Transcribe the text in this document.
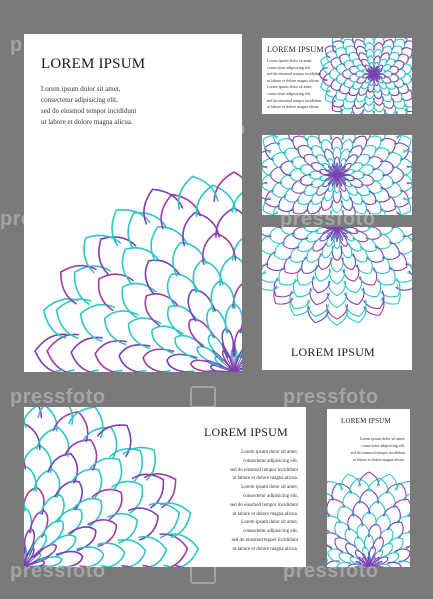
LOREM IPSUM
Lorem ipsum dolor sit amet,
consectetur adipisicing elit,
sed do eiusmod tempor incididunt
ut labore et dolore magna alicua.
LOREM IPSUM
Lorem ipsum dolor sit amet,
consectetur adipisicing elit,
sed do eiusmod tempor incididunt
ut labore et dolore magna alicua.
Lorem ipsum dolor sit amet,
consectetur adipisicing elit,
sed do eiusmod tempor incididunt
ut labore et dolore magna alicua.
LOREM IPSUM
LOREM IPSUM
Lorem ipsum dolor sit amet,
consectetur adipisicing elit,
sed do eiusmod tempor incididunt
ut labore et dolore magna alicua.
Lorem ipsum dolor sit amet,
consectetur adipisicing elit,
sed do eiusmod tempor incididunt
ut labore et dolore magna alicua.
Lorem ipsum dolor sit amet,
consectetur adipisicing elit,
sed do eiusmod tepper incididunt
ut labore et dolore magna alicua.
LOREM IPSUM
Lorem ipsum dolor sit amet,
consectetur adipisicing elit,
sed do eiusmod tempor incididunt
ut labore et dolore magna alicua.
pressfoto
pressfoto
pressfoto	pressfoto
pressfoto	pressfoto
pressfoto	pressfoto
